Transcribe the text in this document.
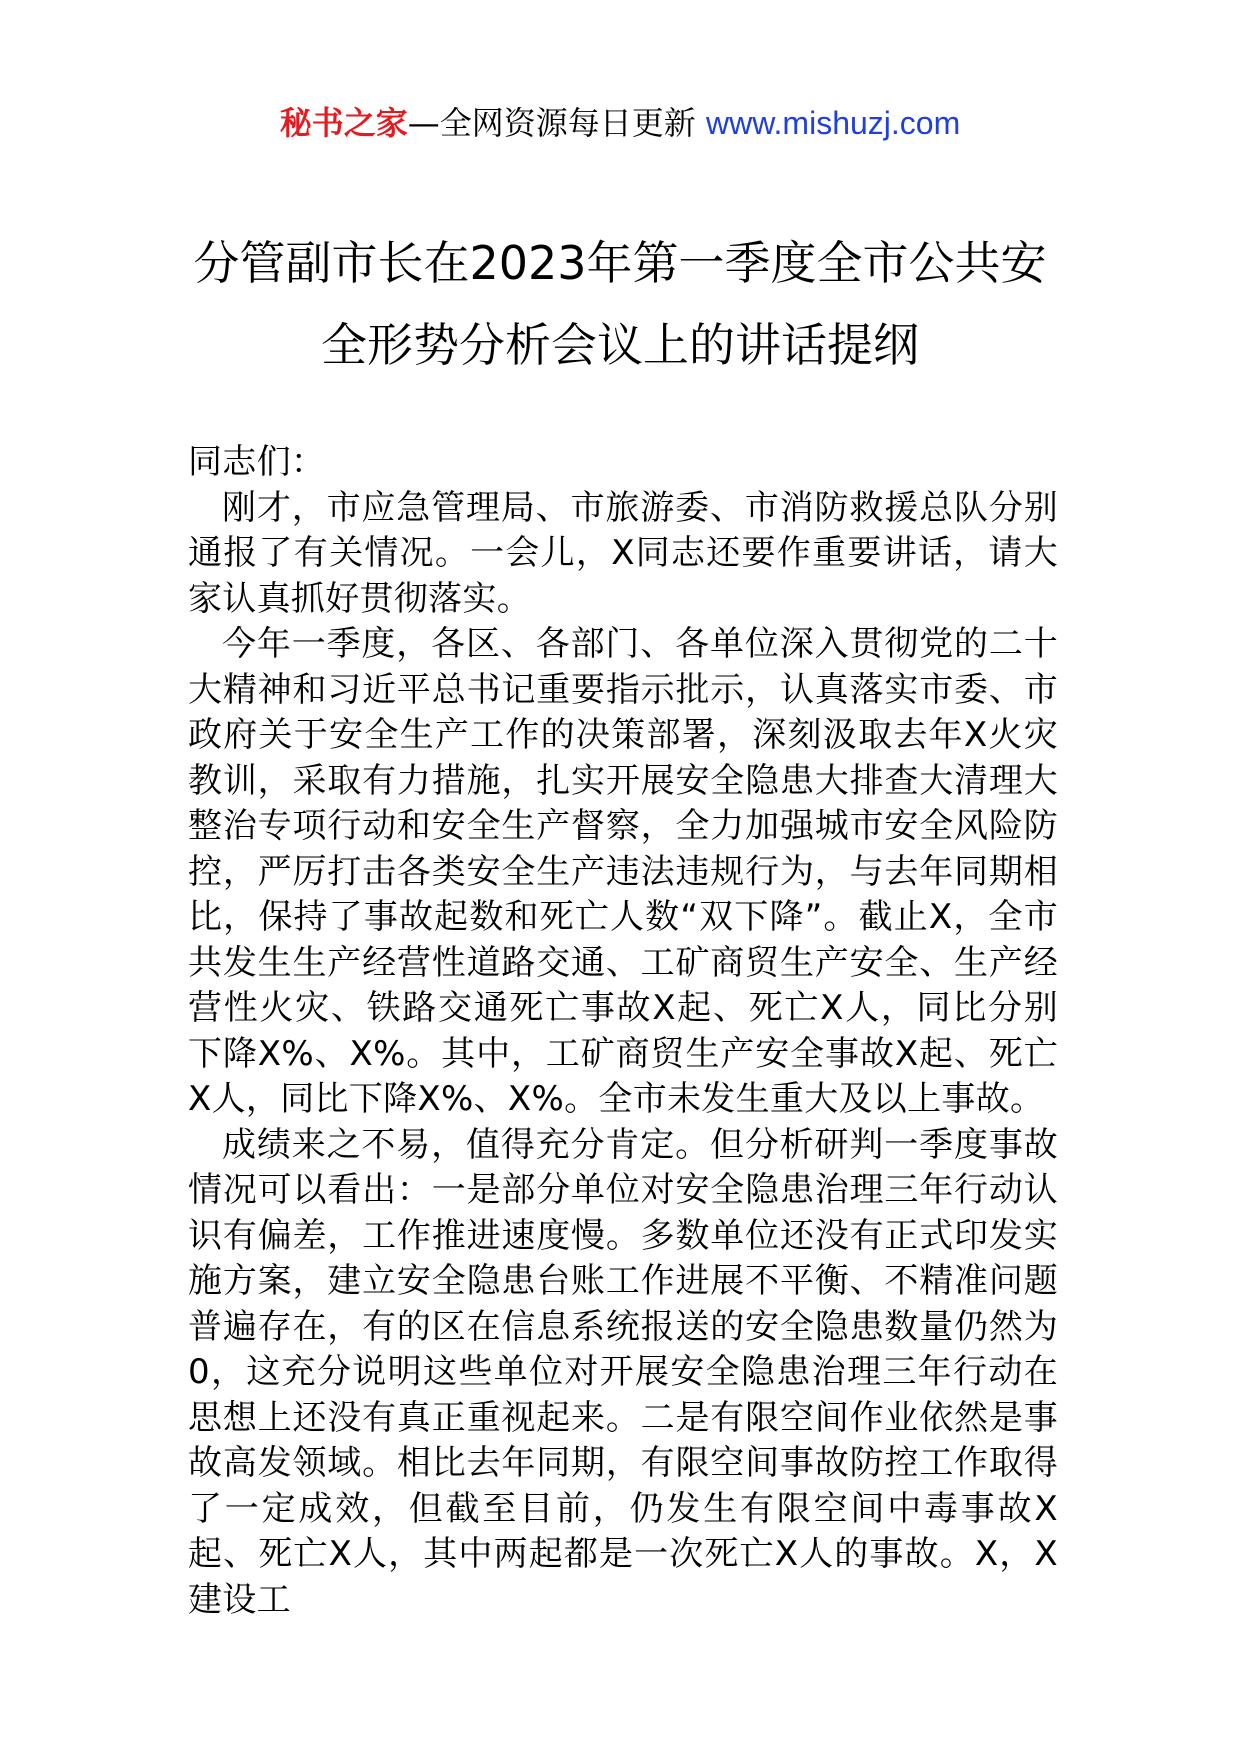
秘书之家—全网资源每日更新 www.mishuzj.com
分管副市长在2023年第一季度全市公共安
全形势分析会议上的讲话提纲
同志们：

刚才，市应急管理局、市旅游委、市消防救援总队分别通报了有关情况。一会儿，X同志还要作重要讲话，请大家认真抓好贯彻落实。

今年一季度，各区、各部门、各单位深入贯彻党的二十大精神和习近平总书记重要指示批示，认真落实市委、市政府关于安全生产工作的决策部署，深刻汲取去年X火灾教训，采取有力措施，扎实开展安全隐患大排查大清理大整治专项行动和安全生产督察，全力加强城市安全风险防控，严厉打击各类安全生产违法违规行为，与去年同期相比，保持了事故起数和死亡人数“双下降”。截止X，全市共发生生产经营性道路交通、工矿商贸生产安全、生产经营性火灾、铁路交通死亡事故X起、死亡X人，同比分别下降X%、X%。其中，工矿商贸生产安全事故X起、死亡X人，同比下降X%、X%。全市未发生重大及以上事故。

成绩来之不易，值得充分肯定。但分析研判一季度事故情况可以看出：一是部分单位对安全隐患治理三年行动认识有偏差，工作推进速度慢。多数单位还没有正式印发实施方案，建立安全隐患台账工作进展不平衡、不精准问题普遍存在，有的区在信息系统报送的安全隐患数量仍然为0，这充分说明这些单位对开展安全隐患治理三年行动在思想上还没有真正重视起来。二是有限空间作业依然是事故高发领域。相比去年同期，有限空间事故防控工作取得了一定成效，但截至目前，仍发生有限空间中毒事故X起、死亡X人，其中两起都是一次死亡X人的事故。X，X建设工
